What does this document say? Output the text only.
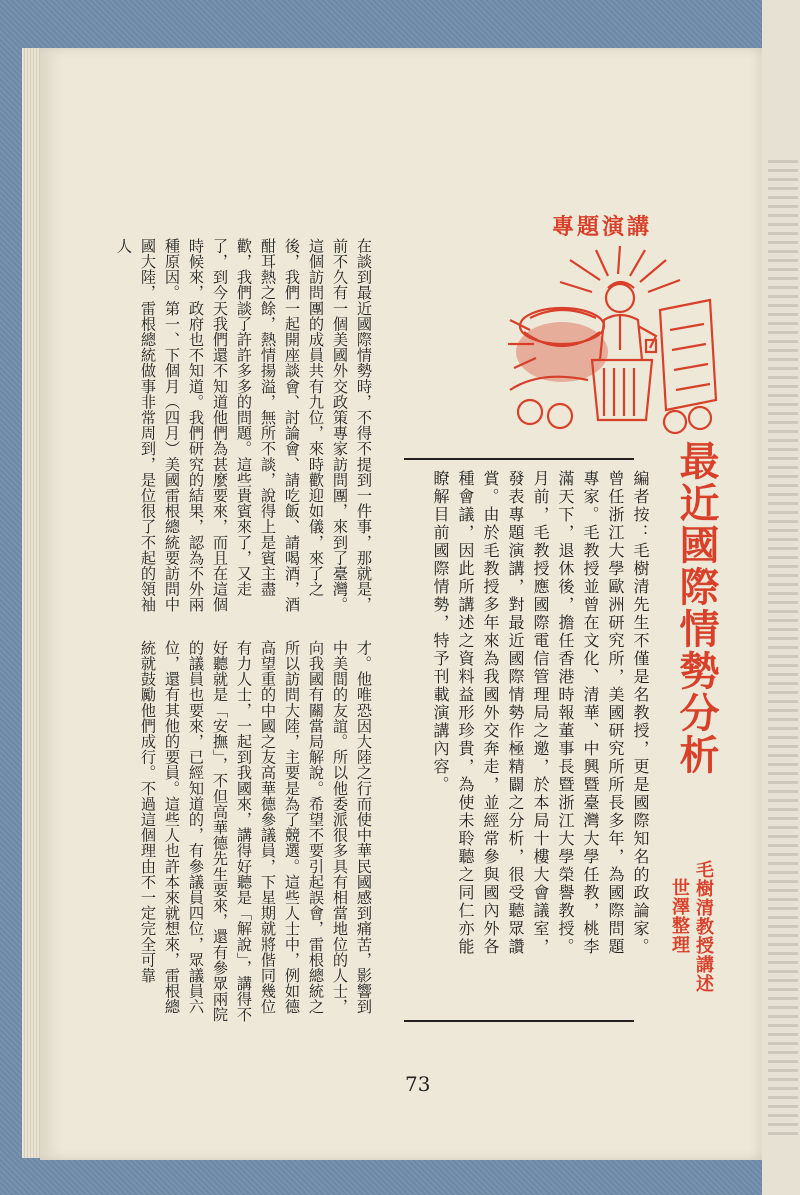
專題演講

編者按：毛樹清先生不僅是名教授，更是國際知名的政論家。曾任浙江大學歐洲研究所，美國研究所所長多年，為國際問題專家。毛教授並曾在文化、清華、中興暨臺灣大學任教，桃李滿天下，退休後，擔任香港時報董事長暨浙江大學榮譽教授。
月前，毛教授應國際電信管理局之邀，於本局十樓大會議室，發表專題演講，對最近國際情勢作極精闢之分析，很受聽眾讚賞。由於毛教授多年來為我國外交奔走，並經常參與國內外各種會議，因此所講述之資料益形珍貴，為使未聆聽之同仁亦能瞭解目前國際情勢，特予刊載演講內容。	最近國際情勢分析

毛樹清教授講述

世澤整理

在談到最近國際情勢時，不得不提到一件事，那就是，前不久有一個美國外交政策專家訪問團，來到了臺灣。這個訪問團的成員共有九位，來時歡迎如儀，來了之後，我們一起開座談會、討論會、請吃飯、請喝酒，酒酣耳熱之餘，熱情揚溢，無所不談，說得上是賓主盡歡，我們談了許許多多的問題。這些貴賓來了，又走了，到今天我們還不知道他們為甚麼要來，而且在這個時候來，政府也不知道。我們研究的結果，認為不外兩種原因。第一、下個月（四月）美國雷根總統要訪問中國大陸，雷根總統做事非常周到，是位很了不起的領袖人

才。他唯恐因大陸之行而使中華民國感到痛苦，影響到中美間的友誼。所以他委派很多具有相當地位的人士，向我國有關當局解說。希望不要引起誤會，雷根總統之所以訪問大陸，主要是為了競選。這些人士中，例如德高望重的中國之友高華德參議員，下星期就將偕同幾位有力人士，一起到我國來，講得好聽是「解說」，講得不好聽就是「安撫」，不但高華德先生要來，還有參眾兩院的議員也要來，已經知道的，有參議員四位，眾議員六位，還有其他的要員。這些人也許本來就想來，雷根總統就鼓勵他們成行。不過這個理由不一定完全可靠

73
